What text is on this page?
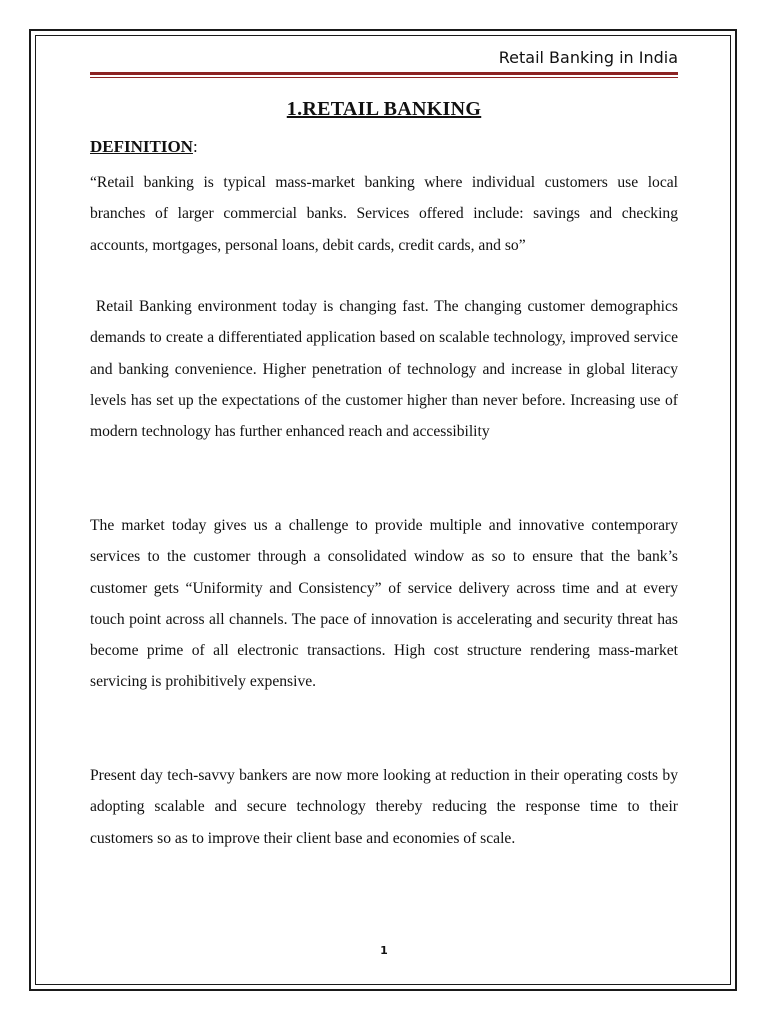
Retail Banking in India
1.RETAIL BANKING
DEFINITION:

“Retail banking is typical mass-market banking where individual customers use local branches of larger commercial banks. Services offered include: savings and checking accounts, mortgages, personal loans, debit cards, credit cards, and so”

Retail Banking environment today is changing fast. The changing customer demographics demands to create a differentiated application based on scalable technology, improved service and banking convenience. Higher penetration of technology and increase in global literacy levels has set up the expectations of the customer higher than never before. Increasing use of modern technology has further enhanced reach and accessibility

The market today gives us a challenge to provide multiple and innovative contemporary services to the customer through a consolidated window as so to ensure that the bank’s customer gets “Uniformity and Consistency” of service delivery across time and at every touch point across all channels. The pace of innovation is accelerating and security threat has become prime of all electronic transactions. High cost structure rendering mass-market servicing is prohibitively expensive.

Present day tech-savvy bankers are now more looking at reduction in their operating costs by adopting scalable and secure technology thereby reducing the response time to their customers so as to improve their client base and economies of scale.

1
